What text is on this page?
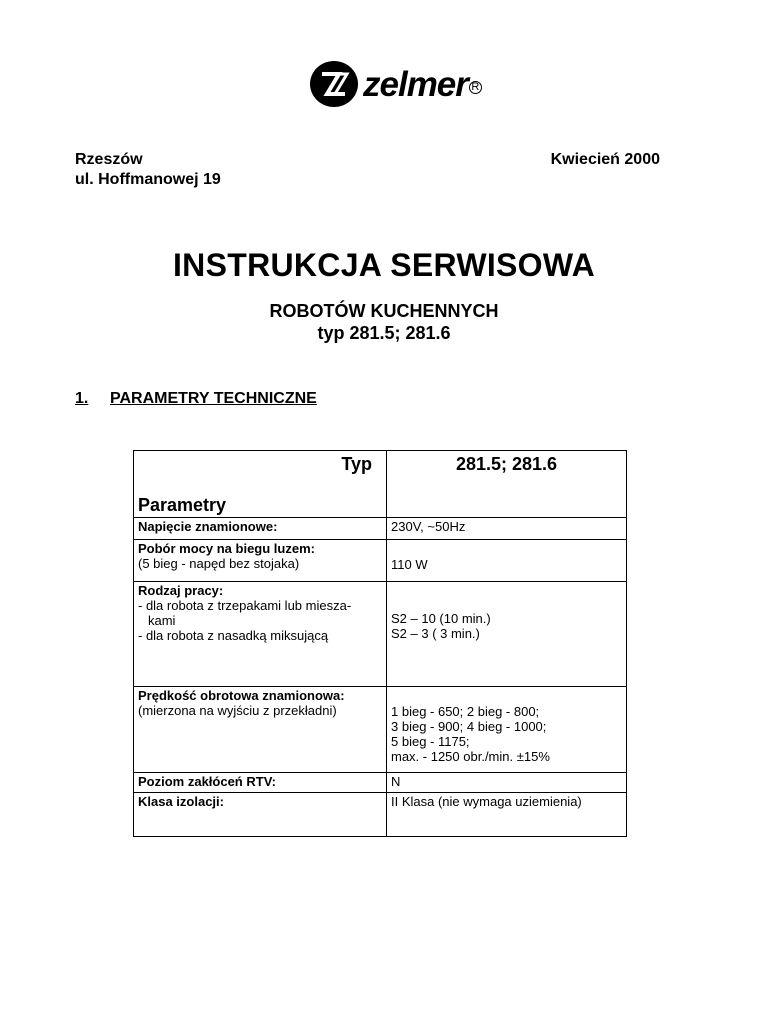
zelmer R
Rzeszów
ul. Hoffmanowej 19
Kwiecień 2000
INSTRUKCJA SERWISOWA
ROBOTÓW KUCHENNYCH
typ 281.5; 281.6
1.	PARAMETRY TECHNICZNE
Typ
Parametry	281.5; 281.6

Napięcie znamionowe:	230V, ~50Hz

Pobór mocy na biegu luzem:
(5 bieg - napęd bez stojaka)	110 W

Rodzaj pracy:
- dla robota z trzepakami lub miesza-
kami
- dla robota z nasadką miksującą	S2 – 10 (10 min.)
S2 – 3 ( 3 min.)

Prędkość obrotowa znamionowa:
(mierzona na wyjściu z przekładni)	1 bieg - 650; 2 bieg - 800;
3 bieg - 900; 4 bieg - 1000;
5 bieg - 1175;
max. - 1250 obr./min. ±15%

Poziom zakłóceń RTV:	N
Klasa izolacji:	II Klasa (nie wymaga uziemienia)
